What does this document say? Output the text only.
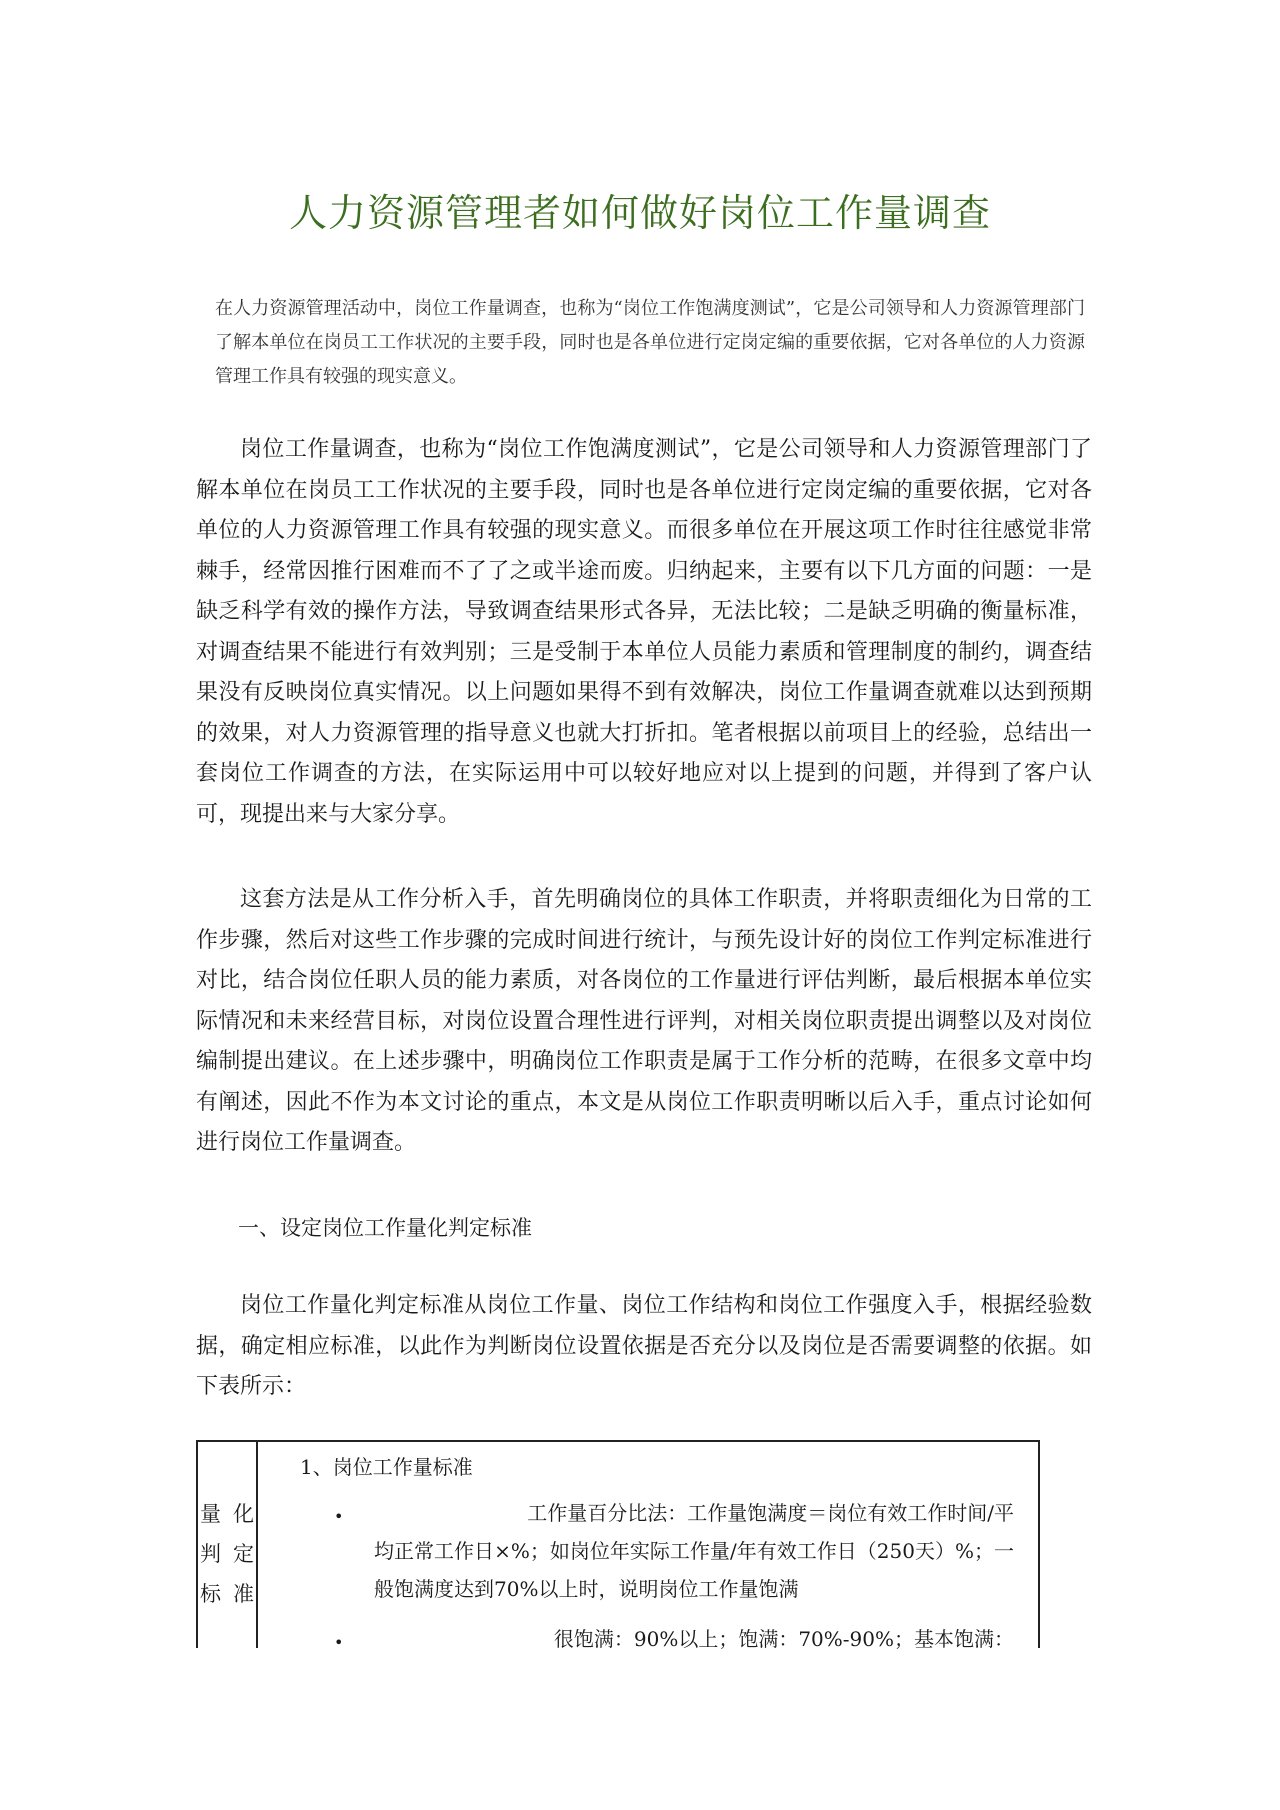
人力资源管理者如何做好岗位工作量调查
在人力资源管理活动中，岗位工作量调查，也称为“岗位工作饱满度测试”，它是公司领导和人力资源管理部门了解本单位在岗员工工作状况的主要手段，同时也是各单位进行定岗定编的重要依据，它对各单位的人力资源管理工作具有较强的现实意义。

岗位工作量调查，也称为“岗位工作饱满度测试”，它是公司领导和人力资源管理部门了解本单位在岗员工工作状况的主要手段，同时也是各单位进行定岗定编的重要依据，它对各单位的人力资源管理工作具有较强的现实意义。而很多单位在开展这项工作时往往感觉非常棘手，经常因推行困难而不了了之或半途而废。归纳起来，主要有以下几方面的问题：一是缺乏科学有效的操作方法，导致调查结果形式各异，无法比较；二是缺乏明确的衡量标准，对调查结果不能进行有效判别；三是受制于本单位人员能力素质和管理制度的制约，调查结果没有反映岗位真实情况。以上问题如果得不到有效解决，岗位工作量调查就难以达到预期的效果，对人力资源管理的指导意义也就大打折扣。笔者根据以前项目上的经验，总结出一套岗位工作调查的方法，在实际运用中可以较好地应对以上提到的问题，并得到了客户认可，现提出来与大家分享。

这套方法是从工作分析入手，首先明确岗位的具体工作职责，并将职责细化为日常的工作步骤，然后对这些工作步骤的完成时间进行统计，与预先设计好的岗位工作判定标准进行对比，结合岗位任职人员的能力素质，对各岗位的工作量进行评估判断，最后根据本单位实际情况和未来经营目标，对岗位设置合理性进行评判，对相关岗位职责提出调整以及对岗位编制提出建议。在上述步骤中，明确岗位工作职责是属于工作分析的范畴，在很多文章中均有阐述，因此不作为本文讨论的重点，本文是从岗位工作职责明晰以后入手，重点讨论如何进行岗位工作量调查。

一、设定岗位工作量化判定标准

岗位工作量化判定标准从岗位工作量、岗位工作结构和岗位工作强度入手，根据经验数据，确定相应标准，以此作为判断岗位设置依据是否充分以及岗位是否需要调整的依据。如下表所示：

量 化
判 定
标准
1、岗位工作量标准
•	工作量百分比法：工作量饱满度＝岗位有效工作时间/平
均正常工作日×%；如岗位年实际工作量/年有效工作日（250天）%；一般饱满度达到70%以上时，说明岗位工作量饱满
•	很饱满：90%以上；饱满：70%-90%；基本饱满：
